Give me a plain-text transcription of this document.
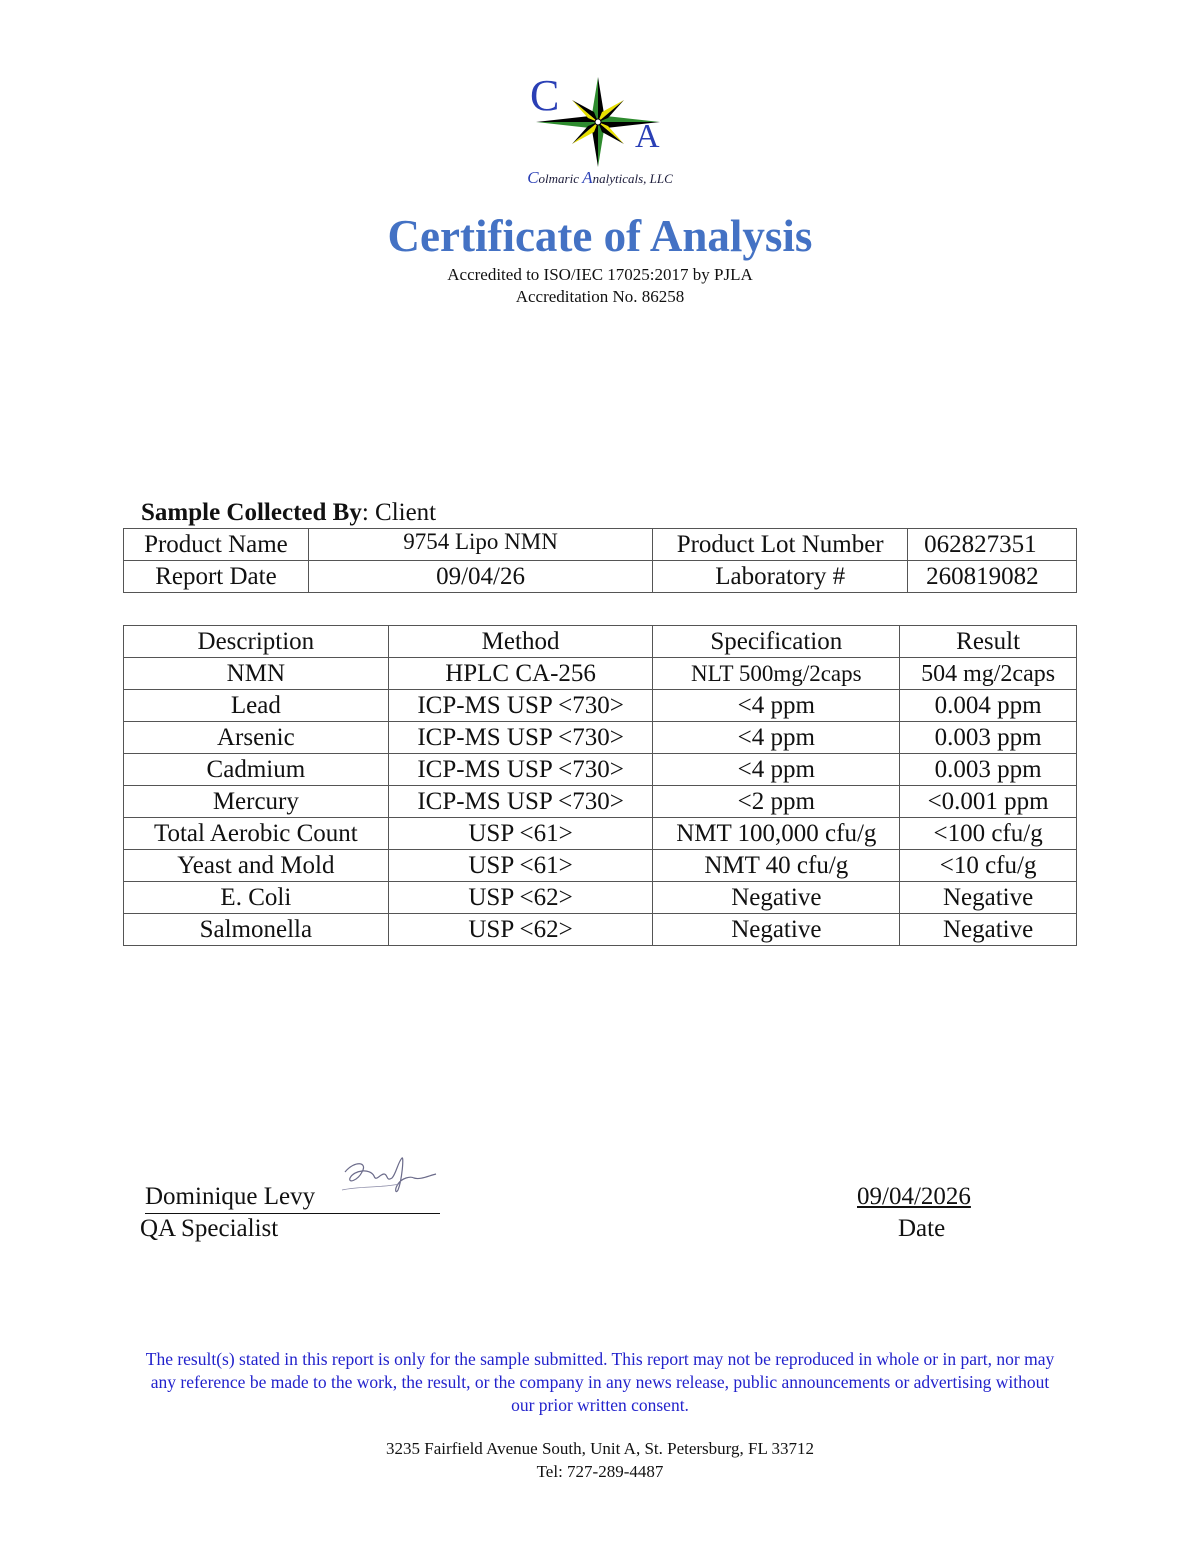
C
A
Colmaric Analyticals, LLC
Certificate of Analysis
Accredited to ISO/IEC 17025:2017 by PJLA
Accreditation No. 86258
Sample Collected By: Client
Product Name	9754 Lipo NMN	Product Lot Number	062827351
Report Date	09/04/26	Laboratory #	260819082
Description	Method	Specification	Result
NMN	HPLC CA-256	NLT 500mg/2caps	504 mg/2caps
Lead	ICP-MS USP <730>	<4 ppm	0.004 ppm
Arsenic	ICP-MS USP <730>	<4 ppm	0.003 ppm
Cadmium	ICP-MS USP <730>	<4 ppm	0.003 ppm
Mercury	ICP-MS USP <730>	<2 ppm	<0.001 ppm
Total Aerobic Count	USP <61>	NMT 100,000 cfu/g	<100 cfu/g
Yeast and Mold	USP <61>	NMT 40 cfu/g	<10 cfu/g
E. Coli	USP <62>	Negative	Negative
Salmonella	USP <62>	Negative	Negative
Dominique Levy
QA Specialist
09/04/2026
Date
The result(s) stated in this report is only for the sample submitted. This report may not be reproduced in whole or in part, nor may any reference be made to the work, the result, or the company in any news release, public announcements or advertising without our prior written consent.
3235 Fairfield Avenue South, Unit A, St. Petersburg, FL 33712
Tel: 727-289-4487
